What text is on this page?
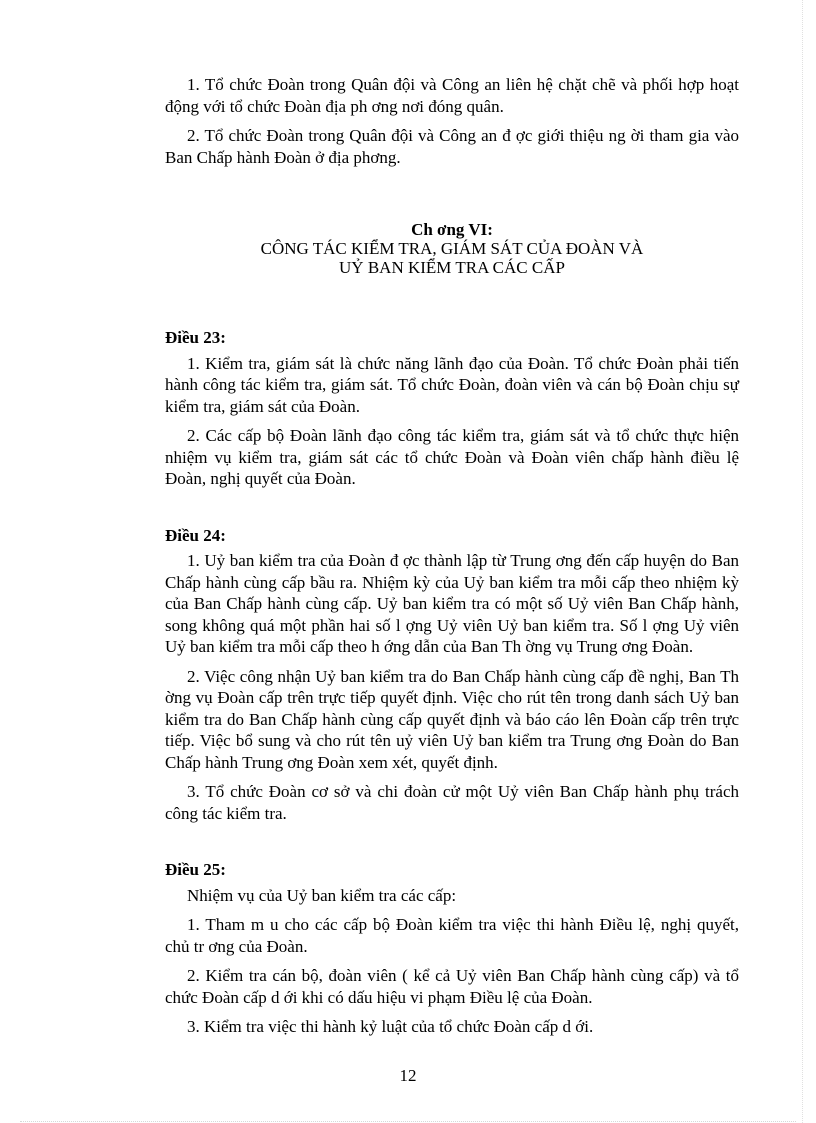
1. Tổ chức Đoàn trong Quân đội và Công an liên hệ chặt chẽ và phối hợp hoạt động với tổ chức Đoàn địa ph ơng nơi đóng quân.

2. Tổ chức Đoàn trong Quân đội và Công an đ ợc giới thiệu ng ời tham gia vào Ban Chấp hành Đoàn ở địa phơng.

Ch ơng VI:
CÔNG TÁC KIỂM TRA, GIÁM SÁT CỦA ĐOÀN VÀ
UỶ BAN KIỂM TRA CÁC CẤP
Điều 23:

1. Kiểm tra, giám sát là chức năng lãnh đạo của Đoàn. Tổ chức Đoàn phải tiến hành công tác kiểm tra, giám sát. Tổ chức Đoàn, đoàn viên và cán bộ Đoàn chịu sự kiểm tra, giám sát của Đoàn.

2. Các cấp bộ Đoàn lãnh đạo công tác kiểm tra, giám sát và tổ chức thực hiện nhiệm vụ kiểm tra, giám sát các tổ chức Đoàn và Đoàn viên chấp hành điều lệ Đoàn, nghị quyết của Đoàn.

Điều 24:

1. Uỷ ban kiểm tra của Đoàn đ ợc thành lập từ Trung ơng đến cấp huyện do Ban Chấp hành cùng cấp bầu ra. Nhiệm kỳ của Uỷ ban kiểm tra mỗi cấp theo nhiệm kỳ của Ban Chấp hành cùng cấp. Uỷ ban kiểm tra có một số Uỷ viên Ban Chấp hành, song không quá một phần hai số l ợng Uỷ viên Uỷ ban kiểm tra. Số l ợng Uỷ viên Uỷ ban kiểm tra mỗi cấp theo h ớng dẫn của Ban Th ờng vụ Trung ơng Đoàn.

2. Việc công nhận Uỷ ban kiểm tra do Ban Chấp hành cùng cấp đề nghị, Ban Th ờng vụ Đoàn cấp trên trực tiếp quyết định. Việc cho rút tên trong danh sách Uỷ ban kiểm tra do Ban Chấp hành cùng cấp quyết định và báo cáo lên Đoàn cấp trên trực tiếp. Việc bổ sung và cho rút tên uỷ viên Uỷ ban kiểm tra Trung ơng Đoàn do Ban Chấp hành Trung ơng Đoàn xem xét, quyết định.

3. Tổ chức Đoàn cơ sở và chi đoàn cử một Uỷ viên Ban Chấp hành phụ trách công tác kiểm tra.

Điều 25:

Nhiệm vụ của Uỷ ban kiểm tra các cấp:

1. Tham m u cho các cấp bộ Đoàn kiểm tra việc thi hành Điều lệ, nghị quyết, chủ tr ơng của Đoàn.

2. Kiểm tra cán bộ, đoàn viên ( kể cả Uỷ viên Ban Chấp hành cùng cấp) và tổ chức Đoàn cấp d ới khi có dấu hiệu vi phạm Điều lệ của Đoàn.

3. Kiểm tra việc thi hành kỷ luật của tổ chức Đoàn cấp d ới.

12
